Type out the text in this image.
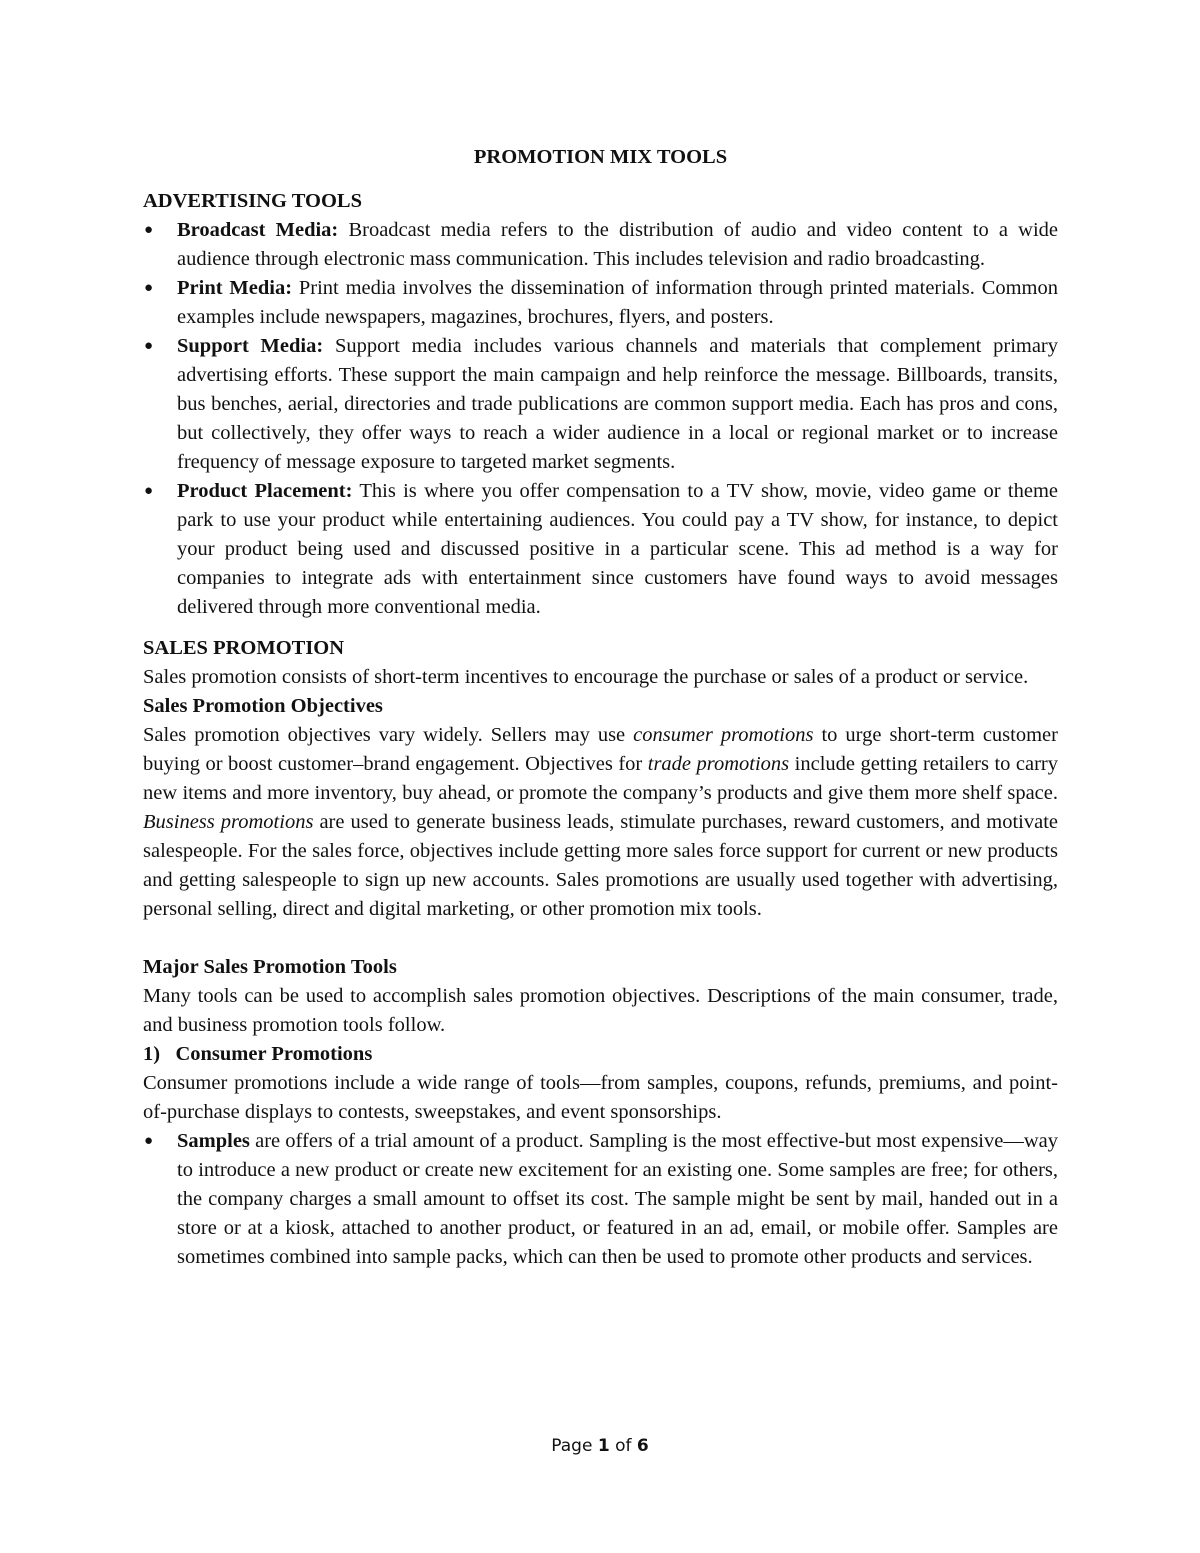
PROMOTION MIX TOOLS
ADVERTISING TOOLS
●	Broadcast Media: Broadcast media refers to the distribution of audio and video content to a wide audience through electronic mass communication. This includes television and radio broadcasting.
●	Print Media: Print media involves the dissemination of information through printed materials. Common examples include newspapers, magazines, brochures, flyers, and posters.
●	Support Media: Support media includes various channels and materials that complement primary advertising efforts. These support the main campaign and help reinforce the message. Billboards, transits, bus benches, aerial, directories and trade publications are common support media. Each has pros and cons, but collectively, they offer ways to reach a wider audience in a local or regional market or to increase frequency of message exposure to targeted market segments.
●	Product Placement: This is where you offer compensation to a TV show, movie, video game or theme park to use your product while entertaining audiences. You could pay a TV show, for instance, to depict your product being used and discussed positive in a particular scene. This ad method is a way for companies to integrate ads with entertainment since customers have found ways to avoid messages delivered through more conventional media.
SALES PROMOTION

Sales promotion consists of short-term incentives to encourage the purchase or sales of a product or service.

Sales Promotion Objectives

Sales promotion objectives vary widely. Sellers may use consumer promotions to urge short-term customer buying or boost customer–brand engagement. Objectives for trade promotions include getting retailers to carry new items and more inventory, buy ahead, or promote the company’s products and give them more shelf space. Business promotions are used to generate business leads, stimulate purchases, reward customers, and motivate salespeople. For the sales force, objectives include getting more sales force support for current or new products and getting salespeople to sign up new accounts. Sales promotions are usually used together with advertising, personal selling, direct and digital marketing, or other promotion mix tools.

Major Sales Promotion Tools

Many tools can be used to accomplish sales promotion objectives. Descriptions of the main consumer, trade, and business promotion tools follow.

1)   Consumer Promotions

Consumer promotions include a wide range of tools—from samples, coupons, refunds, premiums, and point-of-purchase displays to contests, sweepstakes, and event sponsorships.

●	Samples are offers of a trial amount of a product. Sampling is the most effective-but most expensive—way to introduce a new product or create new excitement for an existing one. Some samples are free; for others, the company charges a small amount to offset its cost. The sample might be sent by mail, handed out in a store or at a kiosk, attached to another product, or featured in an ad, email, or mobile offer. Samples are sometimes combined into sample packs, which can then be used to promote other products and services.
Page 1 of 6
